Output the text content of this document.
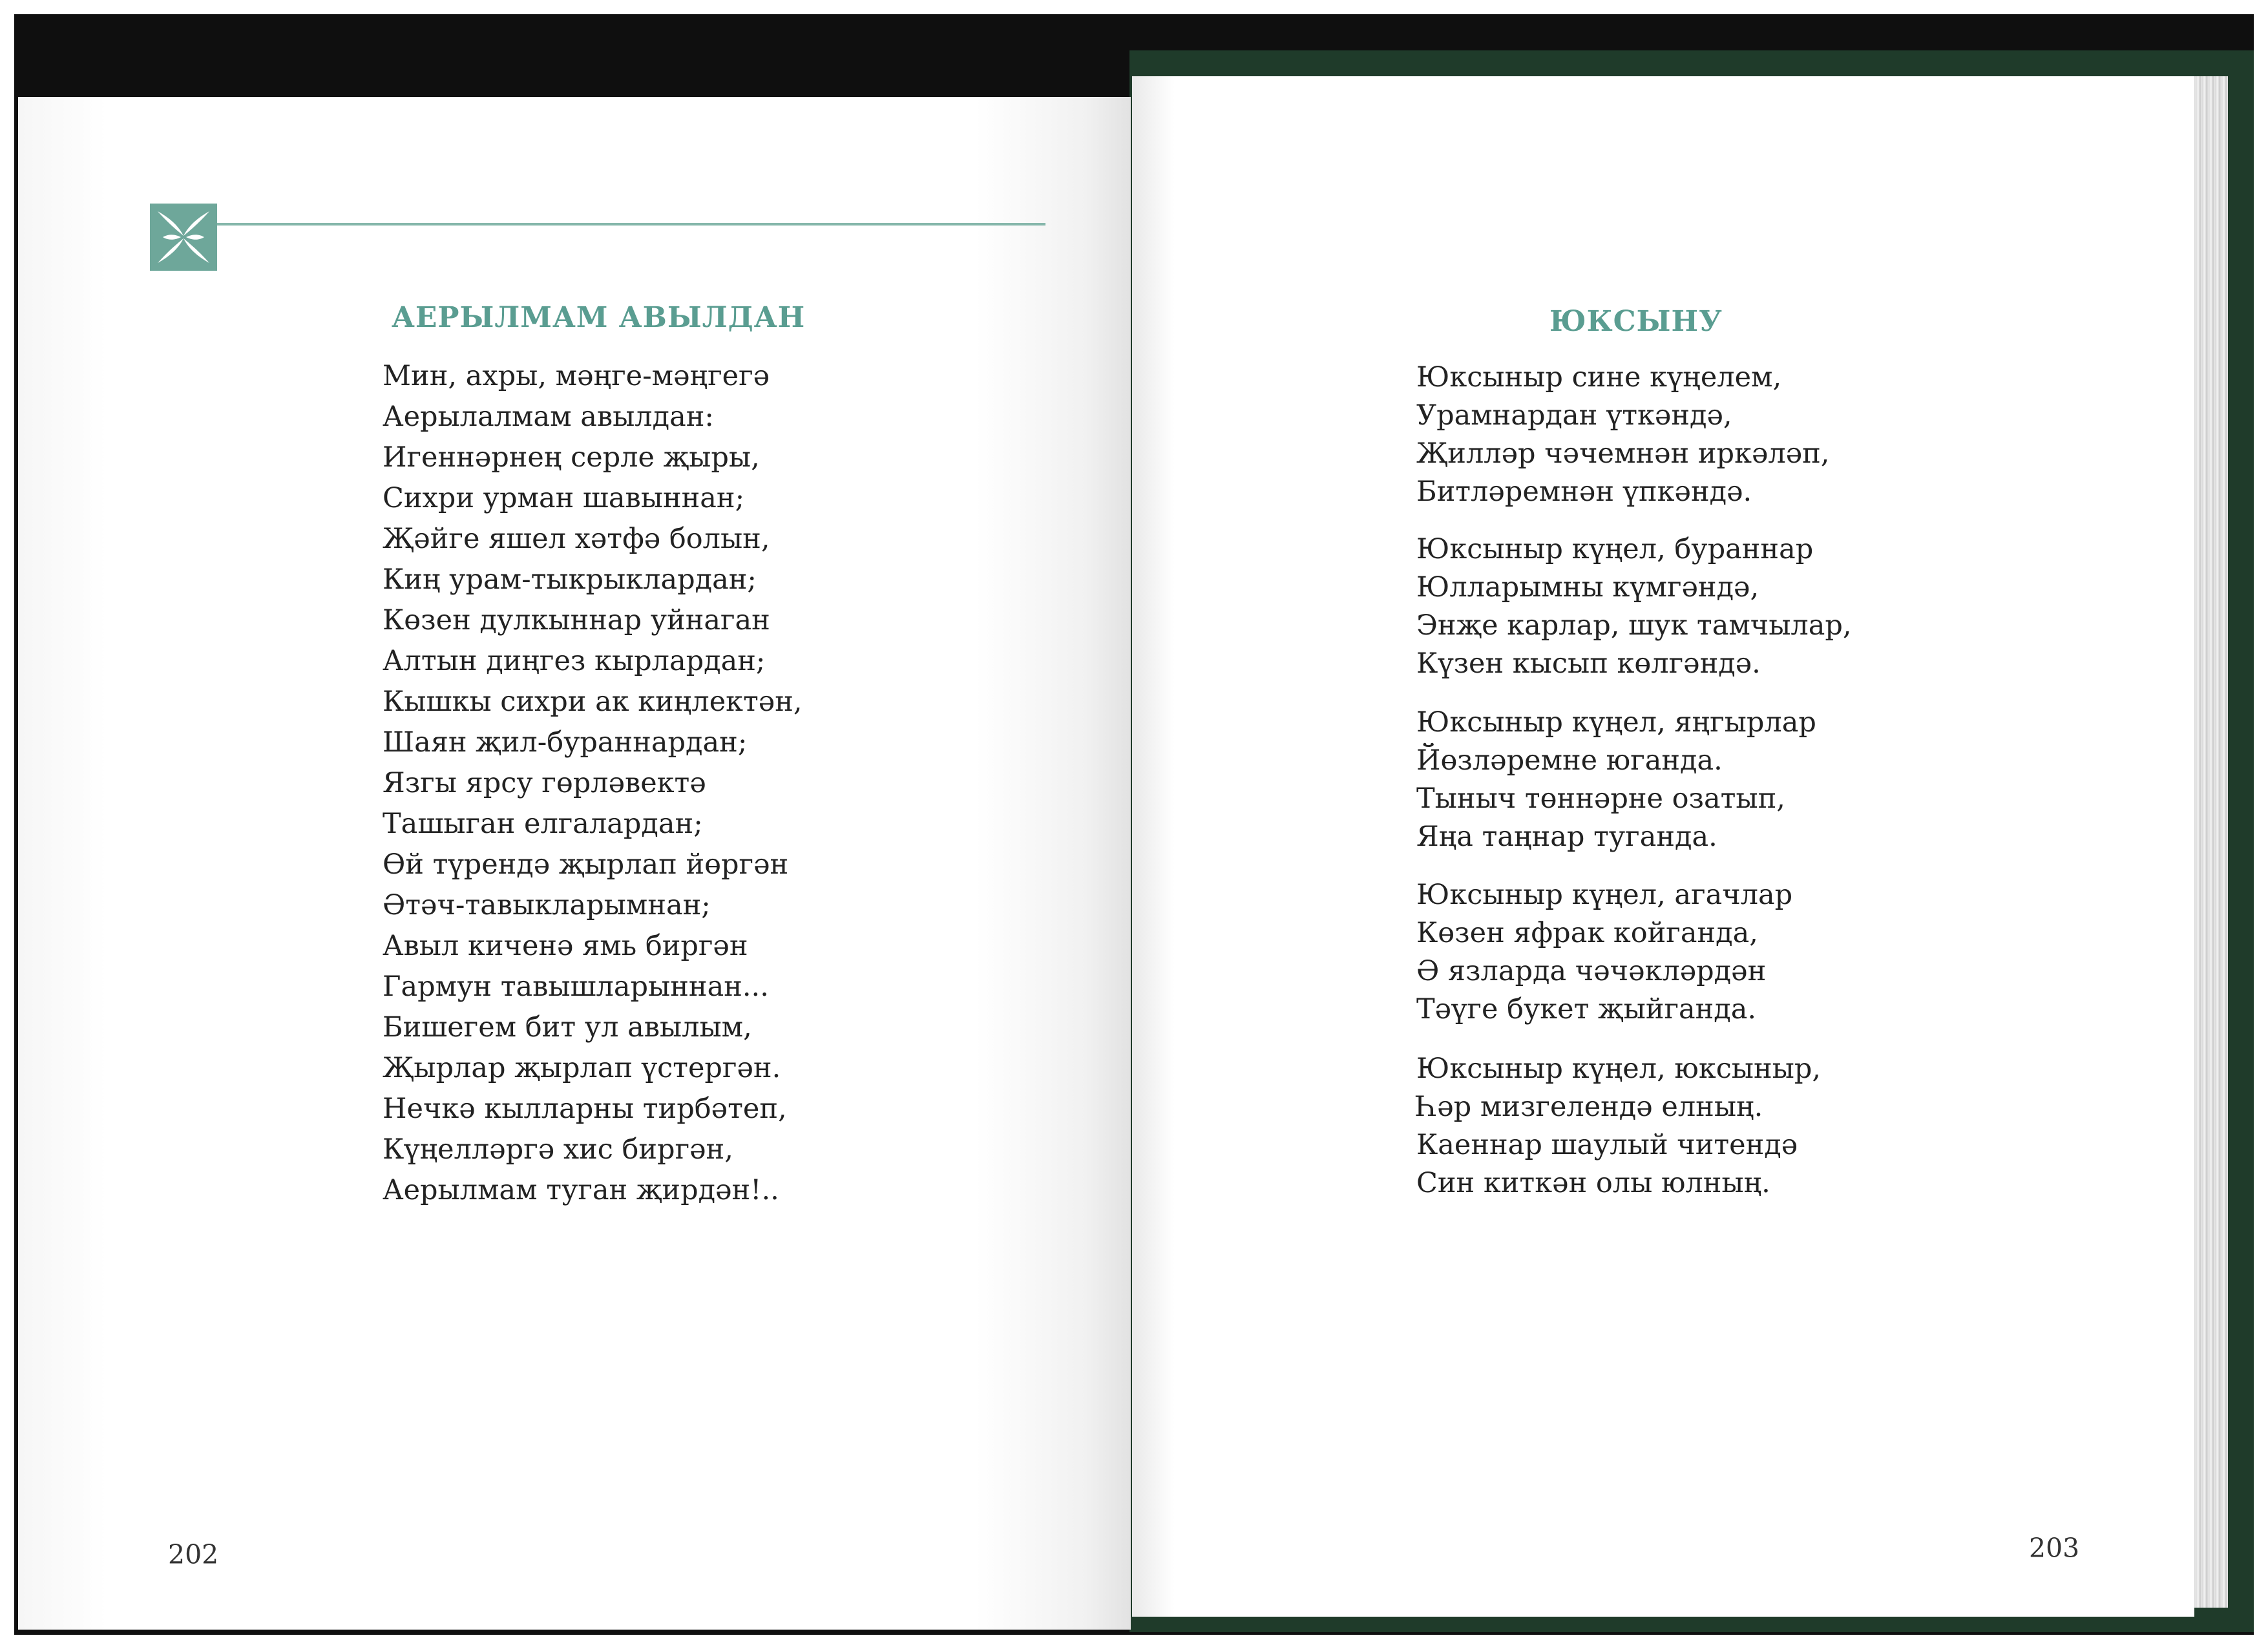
АЕРЫЛМАМ АВЫЛДАН
Мин, ахры, мәңге-мәңгегә
Аерылалмам авылдан:
Игеннәрнең серле җыры,
Сихри урман шавыннан;
Җәйге яшел хәтфә болын,
Киң урам-тыкрыклардан;
Көзен дулкыннар уйнаган
Алтын диңгез кырлардан;
Кышкы сихри ак киңлектән,
Шаян җил-бураннардан;
Язгы ярсу гөрләвектә
Ташыган елгалардан;
Өй түрендә җырлап йөргән
Әтәч-тавыкларымнан;
Авыл киченә ямь биргән
Гармун тавышларыннан...
Бишегем бит ул авылым,
Җырлар җырлап үстергән.
Нечкә кылларны тирбәтеп,
Күңелләргә хис биргән,
Аерылмам туган җирдән!..

202

ЮКСЫНУ
Юксыныр сине күңелем,
Урамнардан үткәндә,
Җилләр чәчемнән иркәләп,
Битләремнән үпкәндә.
Юксыныр күңел, бураннар
Юлларымны күмгәндә,
Энҗе карлар, шук тамчылар,
Күзен кысып көлгәндә.
Юксыныр күңел, яңгырлар
Йөзләремне юганда.
Тыныч төннәрне озатып,
Яңа таңнар туганда.
Юксыныр күңел, агачлар
Көзен яфрак койганда,
Ә язларда чәчәкләрдән
Тәүге букет җыйганда.
Юксыныр күңел, юксыныр,
Һәр мизгелендә елның.
Каеннар шаулый читендә
Син киткән олы юлның.

203
